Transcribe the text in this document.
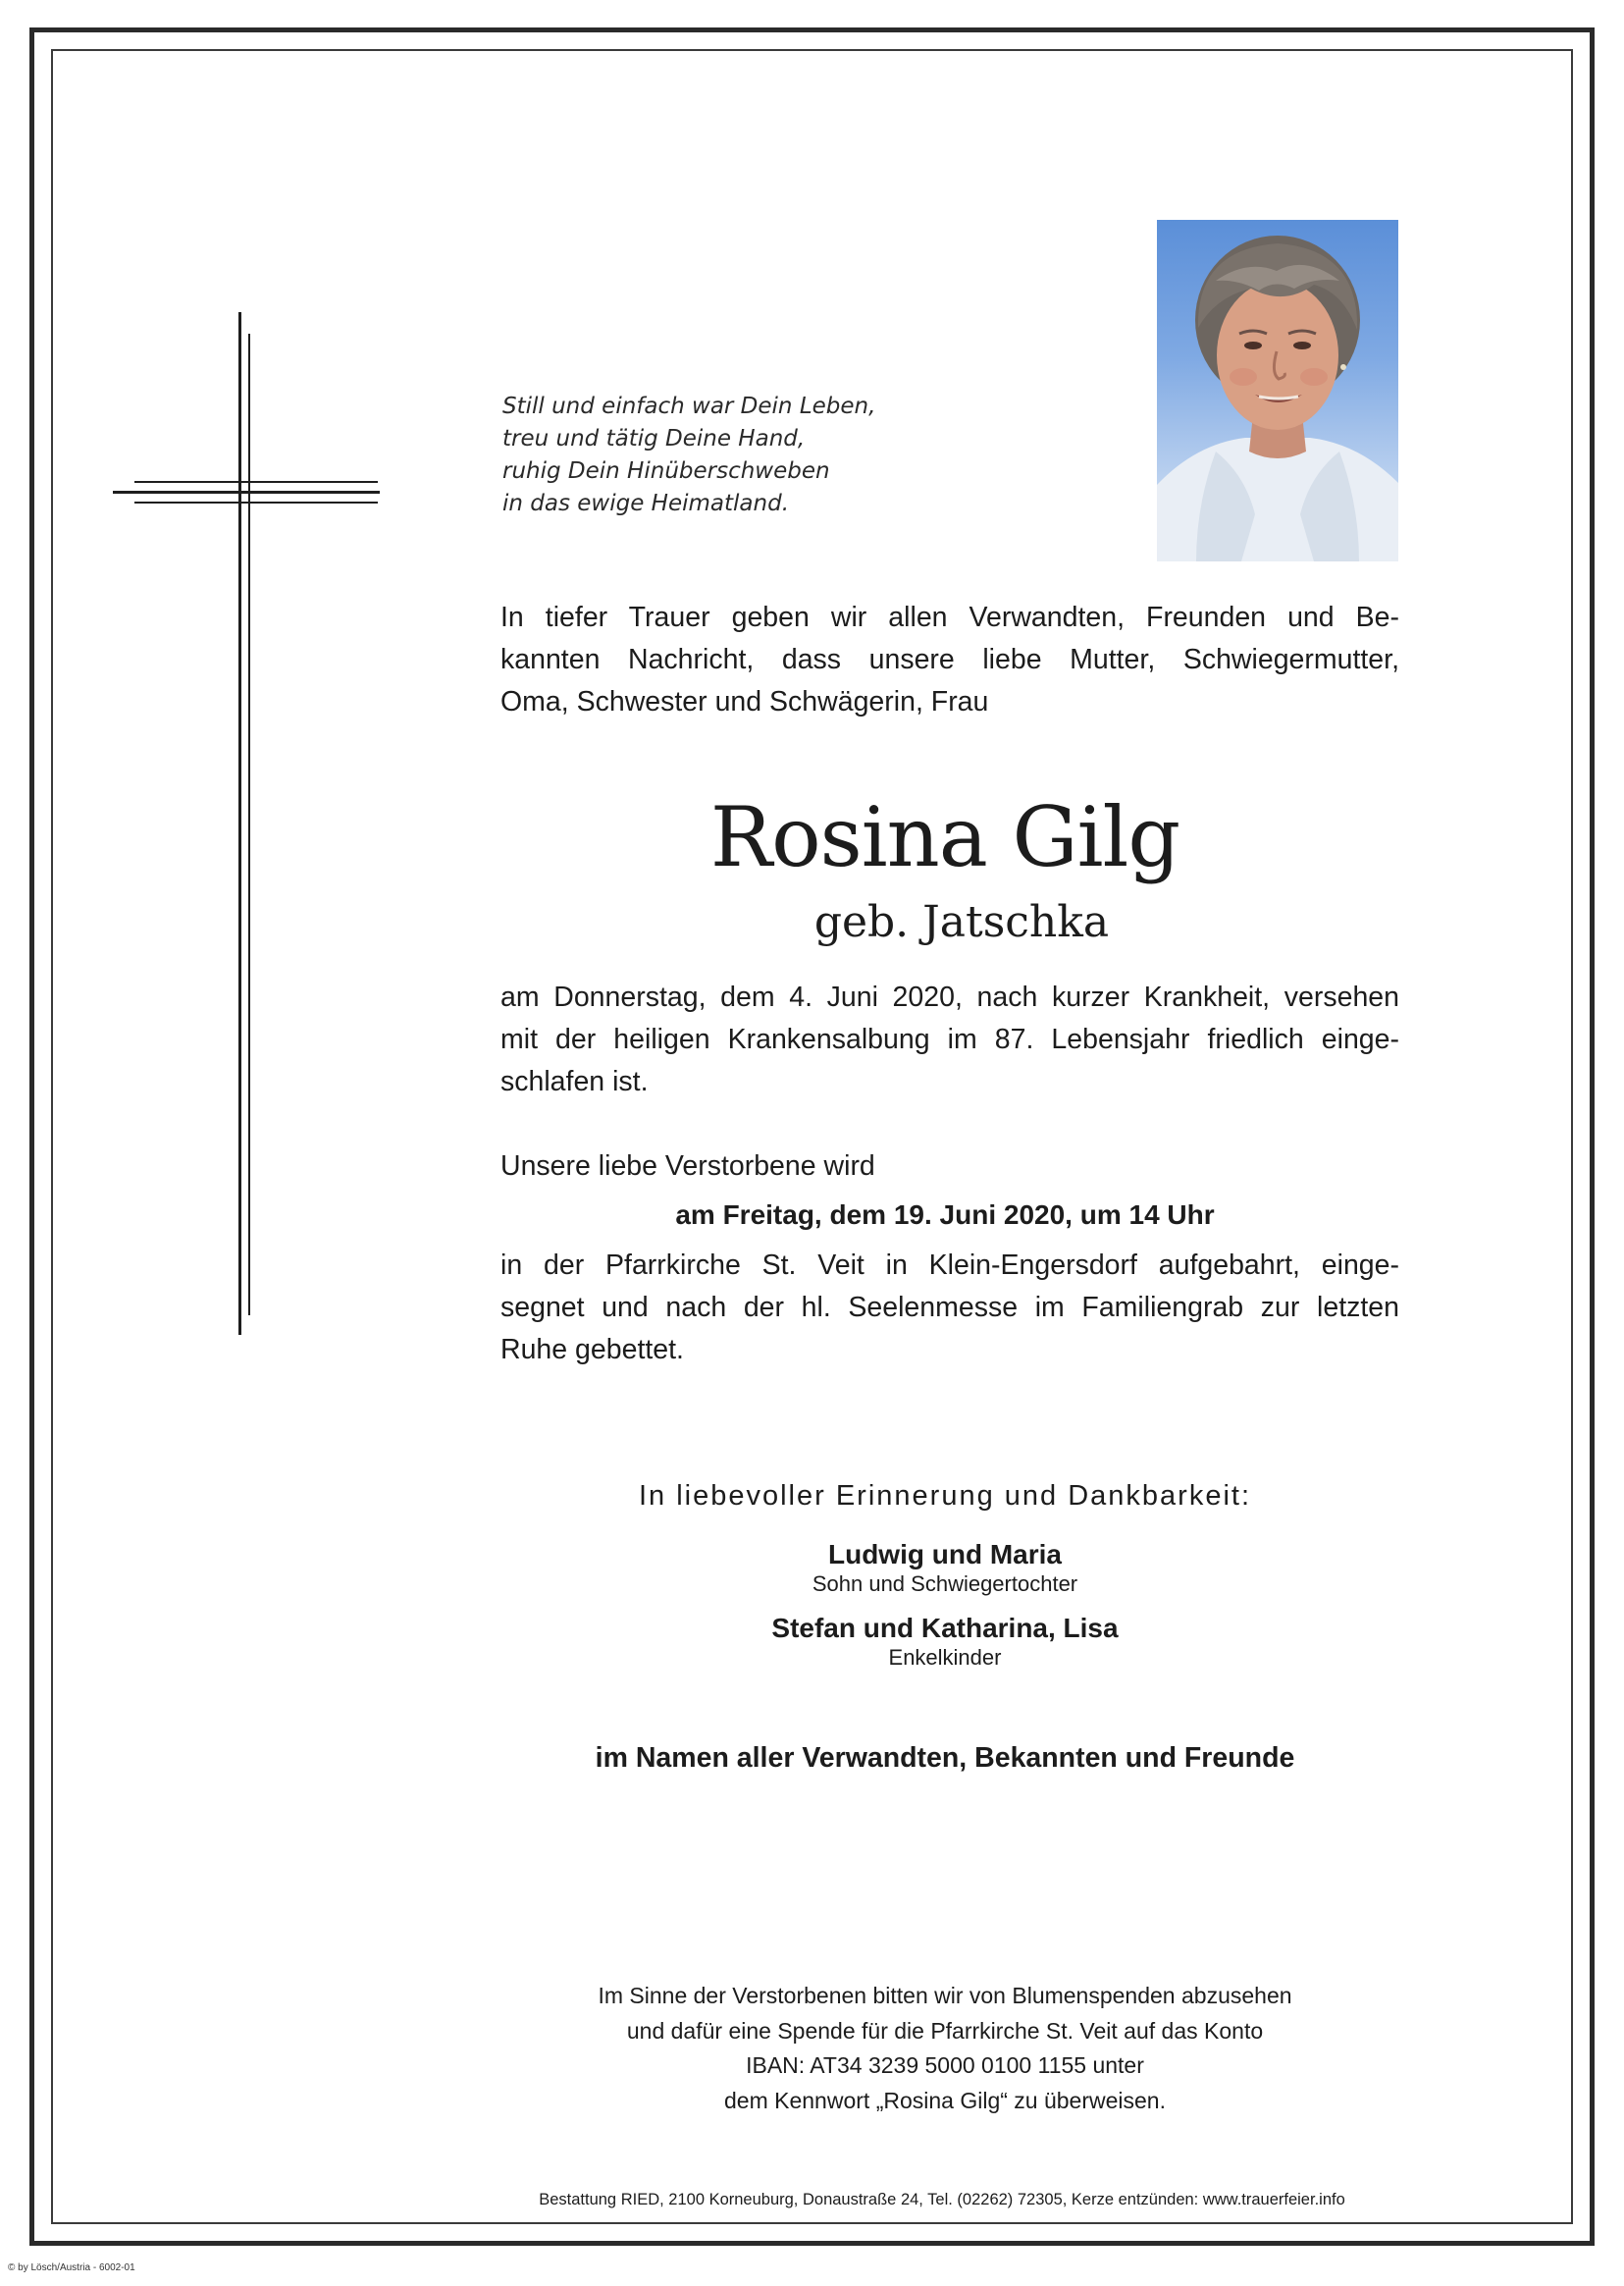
Still und einfach war Dein Leben,
treu und tätig Deine Hand,
ruhig Dein Hinüberschweben
in das ewige Heimatland.
In tiefer Trauer geben wir allen Verwandten, Freunden und Be-
kannten Nachricht, dass unsere liebe Mutter, Schwiegermutter,
Oma, Schwester und Schwägerin, Frau
Rosina Gilg
geb. Jatschka
am Donnerstag, dem 4. Juni 2020, nach kurzer Krankheit, versehen
mit der heiligen Krankensalbung im 87. Lebensjahr friedlich einge-
schlafen ist.
Unsere liebe Verstorbene wird
am Freitag, dem 19. Juni 2020, um 14 Uhr
in der Pfarrkirche St. Veit in Klein-Engersdorf aufgebahrt, einge-
segnet und nach der hl. Seelenmesse im Familiengrab zur letzten
Ruhe gebettet.
In liebevoller Erinnerung und Dankbarkeit:
Ludwig und Maria
Sohn und Schwiegertochter
Stefan und Katharina, Lisa
Enkelkinder
im Namen aller Verwandten, Bekannten und Freunde
Im Sinne der Verstorbenen bitten wir von Blumenspenden abzusehen
und dafür eine Spende für die Pfarrkirche St. Veit auf das Konto
IBAN: AT34 3239 5000 0100 1155 unter
dem Kennwort „Rosina Gilg“ zu überweisen.
Bestattung RIED, 2100 Korneuburg, Donaustraße 24, Tel. (02262) 72305, Kerze entzünden: www.trauerfeier.info
© by Lösch/Austria - 6002-01
